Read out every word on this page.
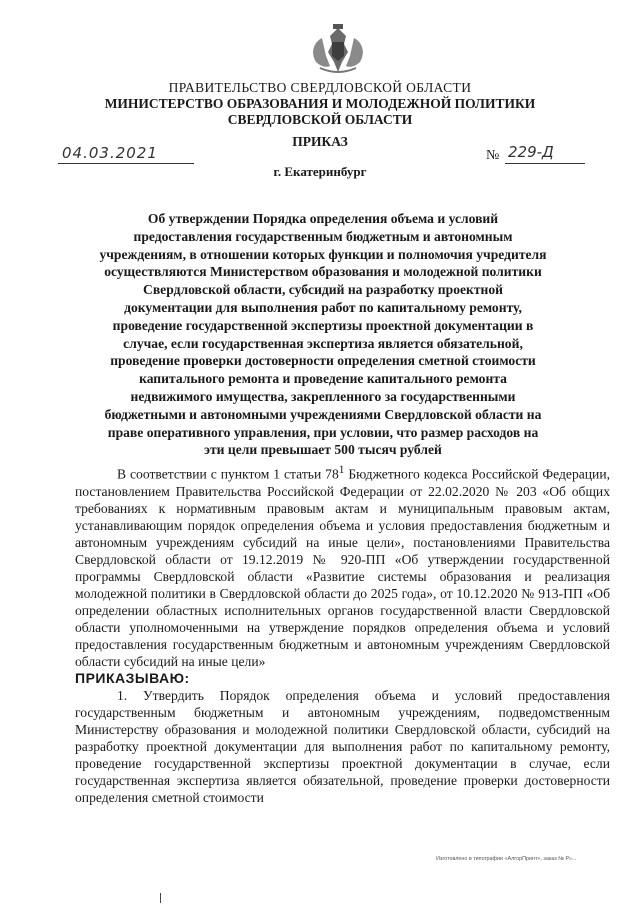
ПРАВИТЕЛЬСТВО СВЕРДЛОВСКОЙ ОБЛАСТИ
МИНИСТЕРСТВО ОБРАЗОВАНИЯ И МОЛОДЕЖНОЙ ПОЛИТИКИ СВЕРДЛОВСКОЙ ОБЛАСТИ
ПРИКАЗ
04.03.2021	№ 229-Д
г. Екатеринбург
Об утверждении Порядка определения объема и условий предоставления государственным бюджетным и автономным учреждениям, в отношении которых функции и полномочия учредителя осуществляются Министерством образования и молодежной политики Свердловской области, субсидий на разработку проектной документации для выполнения работ по капитальному ремонту, проведение государственной экспертизы проектной документации в случае, если государственная экспертиза является обязательной, проведение проверки достоверности определения сметной стоимости капитального ремонта и проведение капитального ремонта недвижимого имущества, закрепленного за государственными бюджетными и автономными учреждениями Свердловской области на праве оперативного управления, при условии, что размер расходов на эти цели превышает 500 тысяч рублей

В соответствии с пунктом 1 статьи $78^1$ Бюджетного кодекса Российской Федерации, постановлением Правительства Российской Федерации от 22.02.2020 № 203 «Об общих требованиях к нормативным правовым актам и муниципальным правовым актам, устанавливающим порядок определения объема и условия предоставления бюджетным и автономным учреждениям субсидий на иные цели», постановлениями Правительства Свердловской области от 19.12.2019 № 920-ПП «Об утверждении государственной программы Свердловской области «Развитие системы образования и реализация молодежной политики в Свердловской области до 2025 года», от 10.12.2020 № 913-ПП «Об определении областных исполнительных органов государственной власти Свердловской области уполномоченными на утверждение порядков определения объема и условий предоставления государственным бюджетным и автономным учреждениям Свердловской области субсидий на иные цели»

ПРИКАЗЫВАЮ:

1. Утвердить Порядок определения объема и условий предоставления государственным бюджетным и автономным учреждениям, подведомственным Министерству образования и молодежной политики Свердловской области, субсидий на разработку проектной документации для выполнения работ по капитальному ремонту, проведение государственной экспертизы проектной документации в случае, если государственная экспертиза является обязательной, проведение проверки достоверности определения сметной стоимости

Изготовлено в типографии «АлгорПринт», заказ № Р»...
